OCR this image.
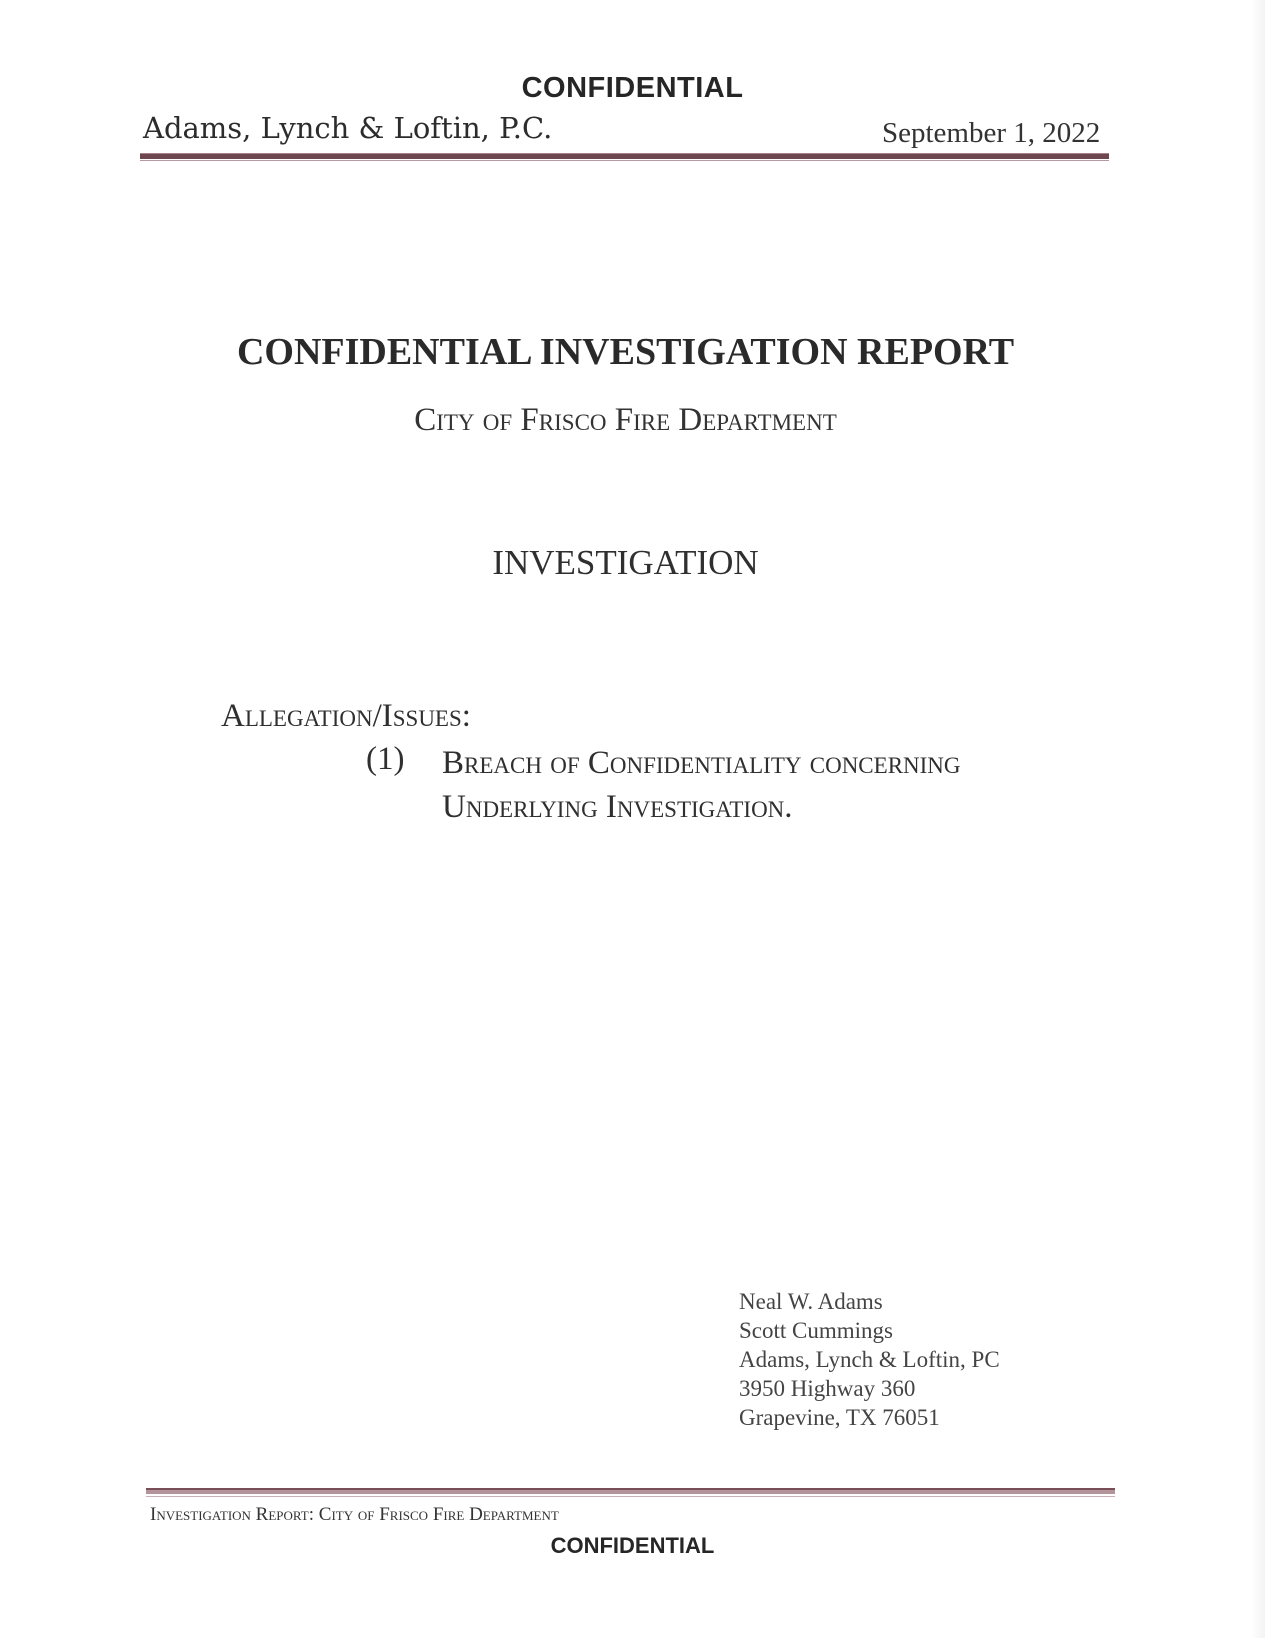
CONFIDENTIAL
Adams, Lynch & Loftin, P.C.	September 1, 2022
CONFIDENTIAL INVESTIGATION REPORT
City of Frisco Fire Department
INVESTIGATION
Allegation/Issues:
(1) Breach of Confidentiality concerning
Underlying Investigation.
Neal W. Adams
Scott Cummings
Adams, Lynch & Loftin, PC
3950 Highway 360
Grapevine, TX 76051
Investigation Report: City of Frisco Fire Department
CONFIDENTIAL
